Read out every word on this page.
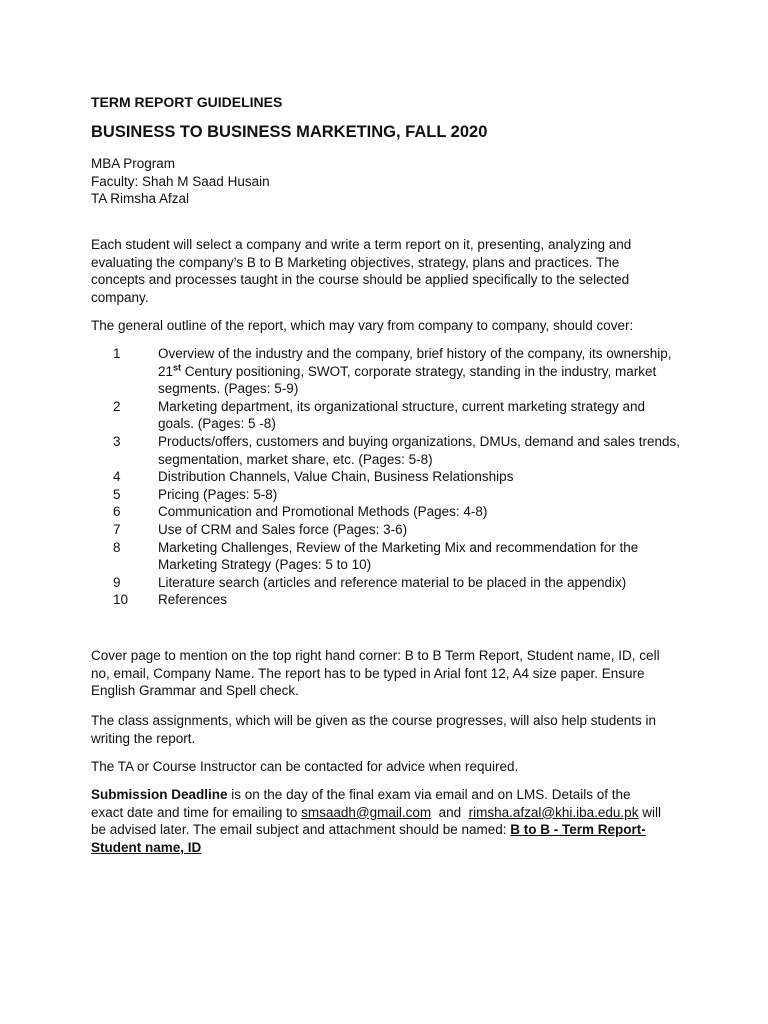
TERM REPORT GUIDELINES

BUSINESS TO BUSINESS MARKETING, FALL 2020

MBA Program
Faculty: Shah M Saad Husain
TA Rimsha Afzal

Each student will select a company and write a term report on it, presenting, analyzing and evaluating the company’s B to B Marketing objectives, strategy, plans and practices. The concepts and processes taught in the course should be applied specifically to the selected company.

The general outline of the report, which may vary from company to company, should cover:

1	Overview of the industry and the company, brief history of the company, its ownership, 21st Century positioning, SWOT, corporate strategy, standing in the industry, market segments. (Pages: 5-9)
2	Marketing department, its organizational structure, current marketing strategy and goals. (Pages: 5 -8)
3	Products/offers, customers and buying organizations, DMUs, demand and sales trends, segmentation, market share, etc. (Pages: 5-8)
4	Distribution Channels, Value Chain, Business Relationships
5	Pricing (Pages: 5-8)
6	Communication and Promotional Methods (Pages: 4-8)
7	Use of CRM and Sales force (Pages: 3-6)
8	Marketing Challenges, Review of the Marketing Mix and recommendation for the Marketing Strategy (Pages: 5 to 10)
9	Literature search (articles and reference material to be placed in the appendix)
10 References

Cover page to mention on the top right hand corner: B to B Term Report, Student name, ID, cell no, email, Company Name. The report has to be typed in Arial font 12, A4 size paper. Ensure English Grammar and Spell check.

The class assignments, which will be given as the course progresses, will also help students in writing the report.

The TA or Course Instructor can be contacted for advice when required.

Submission Deadline is on the day of the final exam via email and on LMS. Details of the exact date and time for emailing to smsaadh@gmail.com  and  rimsha.afzal@khi.iba.edu.pk will be advised later. The email subject and attachment should be named: B to B - Term Report-Student name, ID
